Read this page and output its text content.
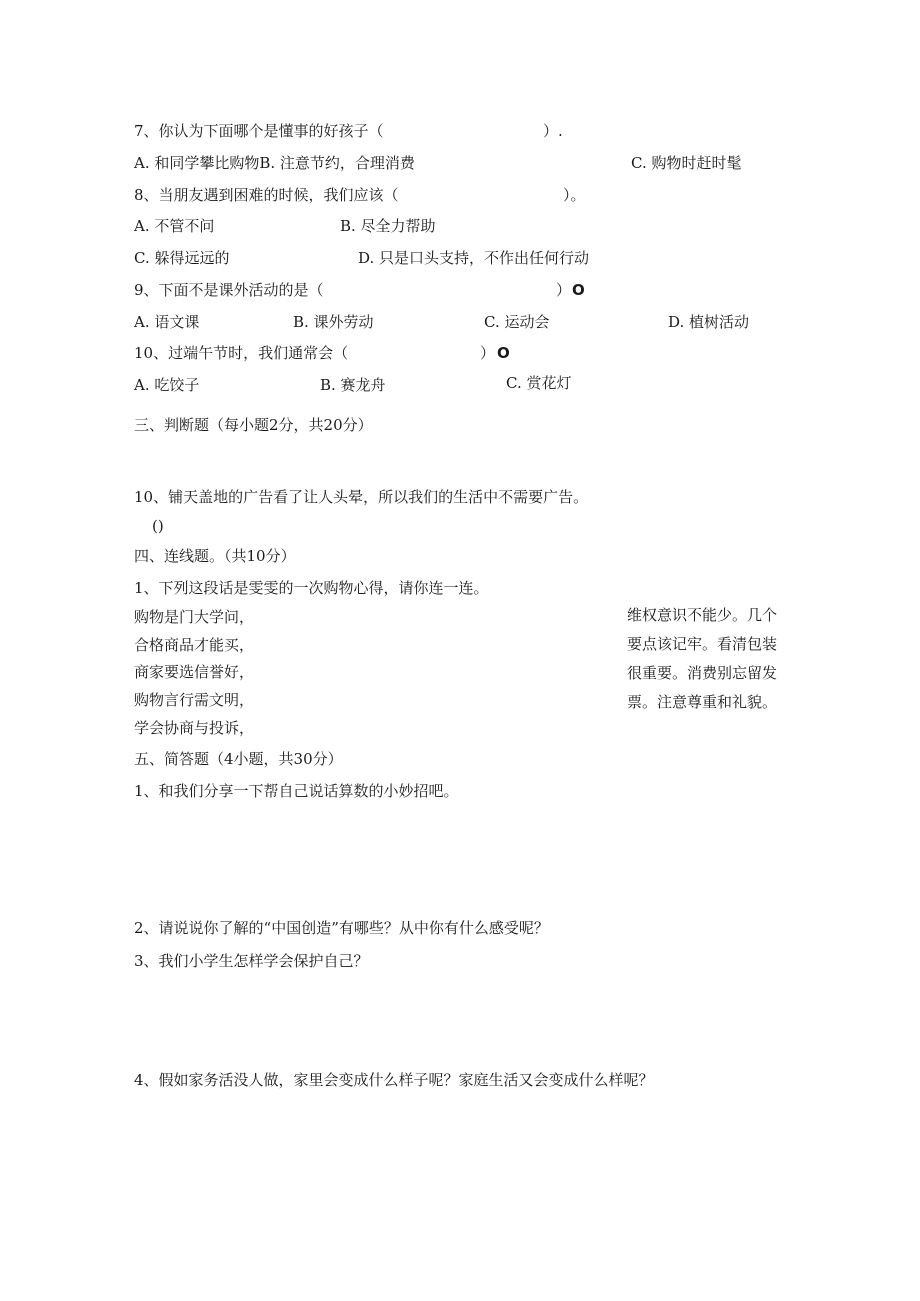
7、你认为下面哪个是懂事的好孩子（	）.
A. 和同学攀比购物B. 注意节约，合理消费	C. 购物时赶时髦
8、当朋友遇到困难的时候，我们应该（	）。
A. 不管不问	B. 尽全力帮助
C. 躲得远远的	D. 只是口头支持，不作出任何行动
9、下面不是课外活动的是（	） O
A. 语文课	B. 课外劳动	C. 运动会	D. 植树活动
10、过端午节时，我们通常会（	） O
A. 吃饺子	B. 赛龙舟	C. 赏花灯
三、判断题（每小题2分，共20分）
10、铺天盖地的广告看了让人头晕，所以我们的生活中不需要广告。
()
四、连线题。（共10分）
1、下列这段话是雯雯的一次购物心得，请你连一连。
购物是门大学问，
合格商品才能买，
商家要选信誉好，
购物言行需文明，
学会协商与投诉，
维权意识不能少。几个
要点该记牢。看清包装
很重要。消费别忘留发
票。注意尊重和礼貌。
五、简答题（4小题，共30分）
1、和我们分享一下帮自己说话算数的小妙招吧。
2、请说说你了解的“中国创造”有哪些？从中你有什么感受呢？
3、我们小学生怎样学会保护自己？
4、假如家务活没人做，家里会变成什么样子呢？家庭生活又会变成什么样呢？
